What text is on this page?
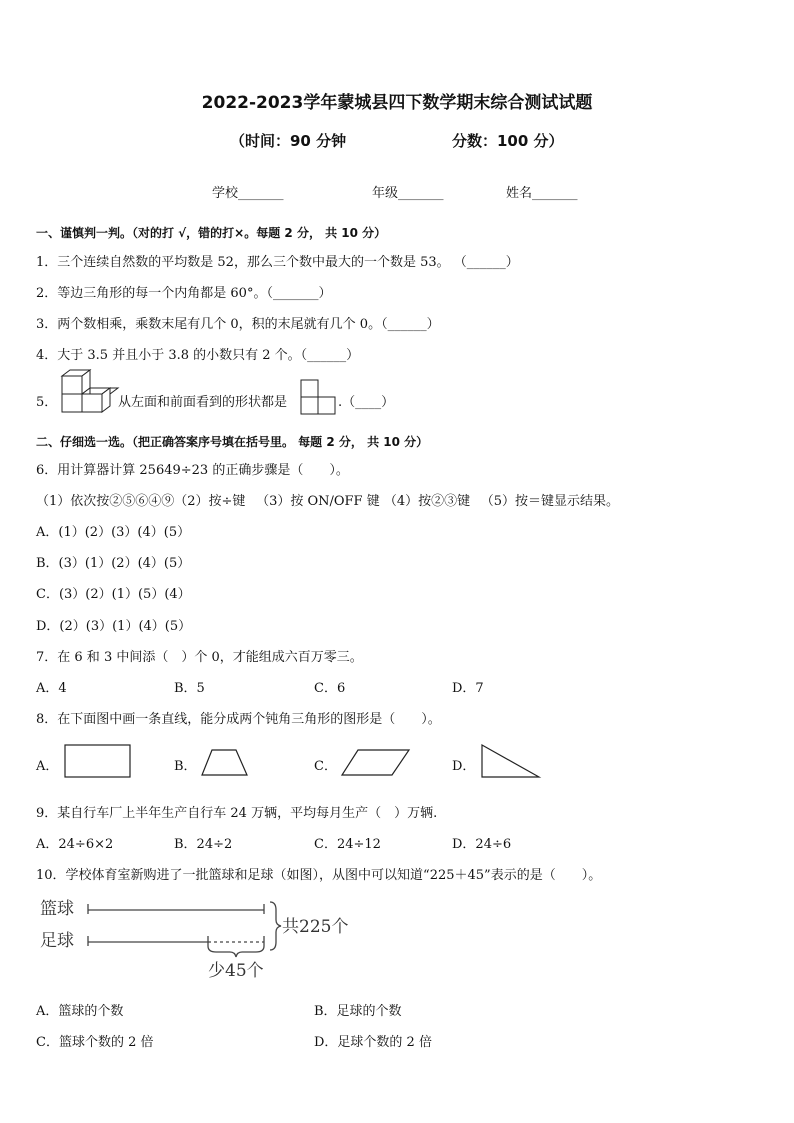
2022-2023学年蒙城县四下数学期末综合测试试题
（时间：90 分钟	分数：100 分）
学校_______	年级_______	姓名_______
一、谨慎判一判。（对的打 √，错的打×。每题 2 分， 共 10 分）
1．三个连续自然数的平均数是 52，那么三个数中最大的一个数是 53。 （______）
2．等边三角形的每一个内角都是 60°。（_______）
3．两个数相乘，乘数末尾有几个 0，积的末尾就有几个 0。（______）
4．大于 3.5 并且小于 3.8 的小数只有 2 个。（______）
5．	从左面和前面看到的形状都是	.（____）
二、仔细选一选。（把正确答案序号填在括号里。 每题 2 分， 共 10 分）
6．用计算器计算 25649÷23 的正确步骤是（　　）。
（1）依次按②⑤⑥④⑨（2）按÷键 　（3）按 ON/OFF 键 （4）按②③键 　（5）按＝键显示结果。
A．(1）(2）(3）(4）(5）
B．(3）(1）(2）(4）(5）
C．(3）(2）(1）(5）(4）
D．(2）(3）(1）(4）(5）
7．在 6 和 3 中间添（　）个 0，才能组成六百万零三。
A．4	B．5	C．6	D．7
8．在下面图中画一条直线，能分成两个钝角三角形的图形是（　　）。
A．	B．	C．	D．
9．某自行车厂上半年生产自行车 24 万辆，平均每月生产（　）万辆.
A．24÷6×2	B．24÷2	C．24÷12	D．24÷6
10．学校体育室新购进了一批篮球和足球（如图），从图中可以知道“225＋45”表示的是（　　）。
篮球
足球
共225个
少45个
A．篮球的个数	B．足球的个数
C．篮球个数的 2 倍	D．足球个数的 2 倍
